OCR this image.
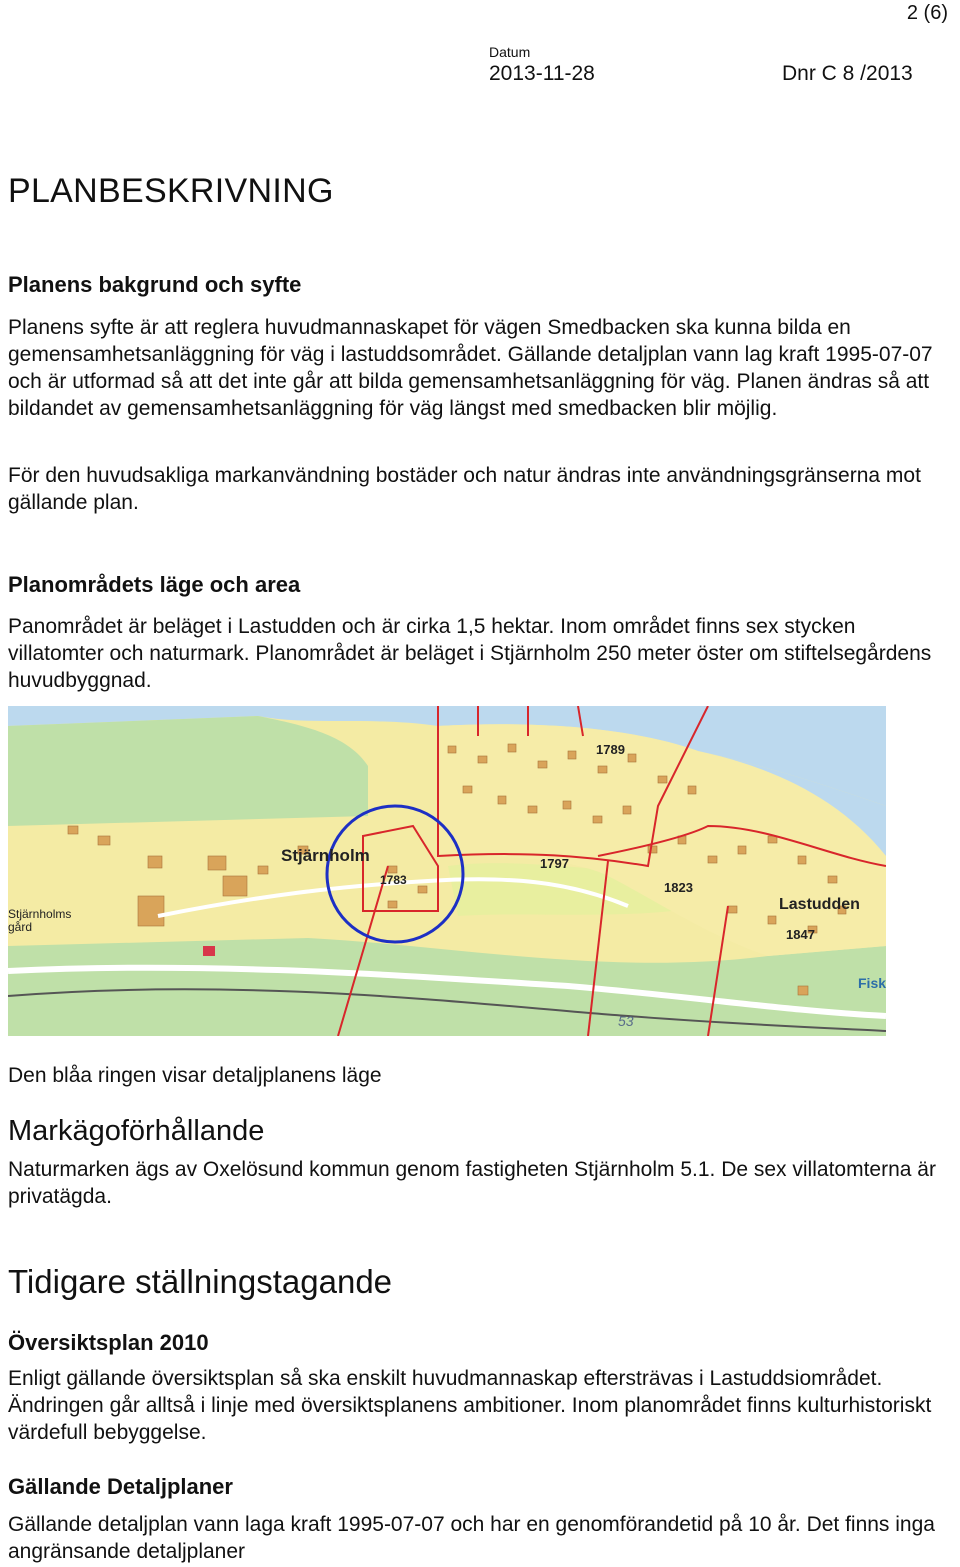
2 (6)
Datum
2013-11-28	Dnr C 8 /2013
PLANBESKRIVNING
Planens bakgrund och syfte

Planens syfte är att reglera huvudmannaskapet för vägen Smedbacken ska kunna bilda en gemensamhetsanläggning för väg i lastuddsområdet. Gällande detaljplan vann lag kraft 1995-07-07 och är utformad så att det inte går att bilda gemensamhetsanläggning för väg. Planen ändras så att bildandet av gemensamhetsanläggning för väg längst med smedbacken blir möjlig.

För den huvudsakliga markanvändning bostäder och natur ändras inte användningsgränserna mot gällande plan.

Planområdets läge och area

Panområdet är beläget i Lastudden och är cirka 1,5 hektar. Inom området finns sex stycken villatomter och naturmark. Planområdet är beläget i Stjärnholm 250 meter öster om stiftelsegårdens huvudbyggnad.

Stjärnholm
Stjärnholms
gård
Lastudden
Fisk
1789
1797
1783	1823
1847
53

Den blåa ringen visar detaljplanens läge

Markägoförhållande

Naturmarken ägs av Oxelösund kommun genom fastigheten Stjärnholm 5.1. De sex villatomterna är privatägda.

Tidigare ställningstagande
Översiktsplan 2010

Enligt gällande översiktsplan så ska enskilt huvudmannaskap eftersträvas i Lastuddsiområdet. Ändringen går alltså i linje med översiktsplanens ambitioner. Inom planområdet finns kulturhistoriskt värdefull bebyggelse.

Gällande Detaljplaner

Gällande detaljplan vann laga kraft 1995-07-07 och har en genomförandetid på 10 år. Det finns inga angränsande detaljplaner
